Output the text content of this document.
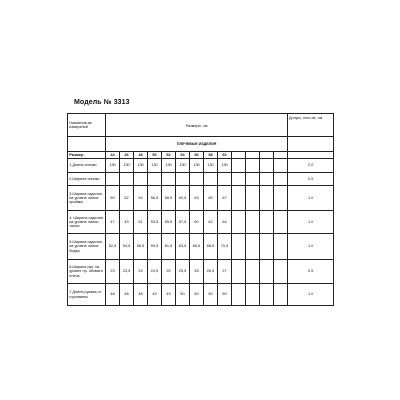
Модель № 3313
Наименов-ие измерений	Размеры, см													Допуск, откл-ие, см
	ПЛЕЧЕВЫЕ ИЗДЕЛИЯ													
Размер	44	46	48	50	52	54	56	58	60					
1.Длина спинки	130	130	130	130	130	130	130	130	130					2.0
2.Ширина спинки														0.5
3.Ширина изделия на уровне линии проймы	50	52	54	56,5	58,5	60,5	63	65	67					1.0
4. Ширина изделия на уровне линии талии	47	49	51	53,5	55,5	57,5	60	62	64					1.0
5.Ширина изделия на уровне линии бедер	52,5	54,5	56,5	59,5	61,5	63,5	66,5	68,5	70,5					1.0
6.Ширина рук. на уровне пр. обхвата плеча	23	23,5	24	24,5	25	25,5	26	26,5	27					0.5
7.Длина рукава от горловины	48	48	48	49	49	50	50	50	50					1.0
